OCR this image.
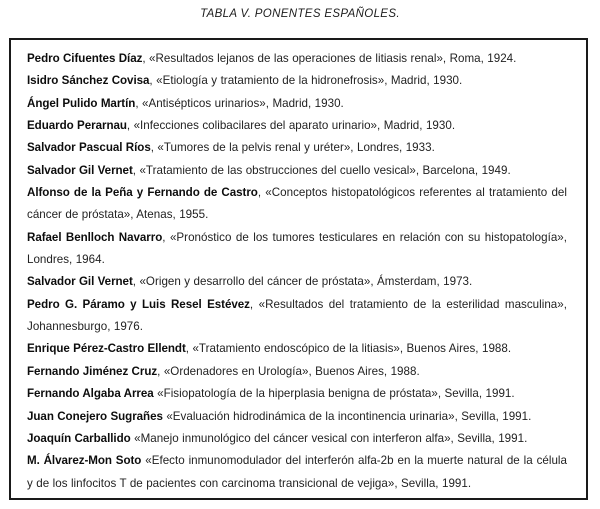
TABLA V. PONENTES ESPAÑOLES.
Pedro Cifuentes Díaz, «Resultados lejanos de las operaciones de litiasis renal», Roma, 1924.
Isidro Sánchez Covisa, «Etiología y tratamiento de la hidronefrosis», Madrid, 1930.
Ángel Pulido Martín, «Antisépticos urinarios», Madrid, 1930.
Eduardo Perarnau, «Infecciones colibacilares del aparato urinario», Madrid, 1930.
Salvador Pascual Ríos, «Tumores de la pelvis renal y uréter», Londres, 1933.
Salvador Gil Vernet, «Tratamiento de las obstrucciones del cuello vesical», Barcelona, 1949.
Alfonso de la Peña y Fernando de Castro, «Conceptos histopatológicos referentes al tratamiento del cáncer de próstata», Atenas, 1955.
Rafael Benlloch Navarro, «Pronóstico de los tumores testiculares en relación con su histopatología», Londres, 1964.
Salvador Gil Vernet, «Origen y desarrollo del cáncer de próstata», Ámsterdam, 1973.
Pedro G. Páramo y Luis Resel Estévez, «Resultados del tratamiento de la esterilidad masculina», Johannesburgo, 1976.
Enrique Pérez-Castro Ellendt, «Tratamiento endoscópico de la litiasis», Buenos Aires, 1988.
Fernando Jiménez Cruz, «Ordenadores en Urología», Buenos Aires, 1988.
Fernando Algaba Arrea «Fisiopatología de la hiperplasia benigna de próstata», Sevilla, 1991.
Juan Conejero Sugrañes «Evaluación hidrodinámica de la incontinencia urinaria», Sevilla, 1991.
Joaquín Carballido «Manejo inmunológico del cáncer vesical con interferon alfa», Sevilla, 1991.
M. Álvarez-Mon Soto «Efecto inmunomodulador del interferón alfa-2b en la muerte natural de la célula y de los linfocitos T de pacientes con carcinoma transicional de vejiga», Sevilla, 1991.
